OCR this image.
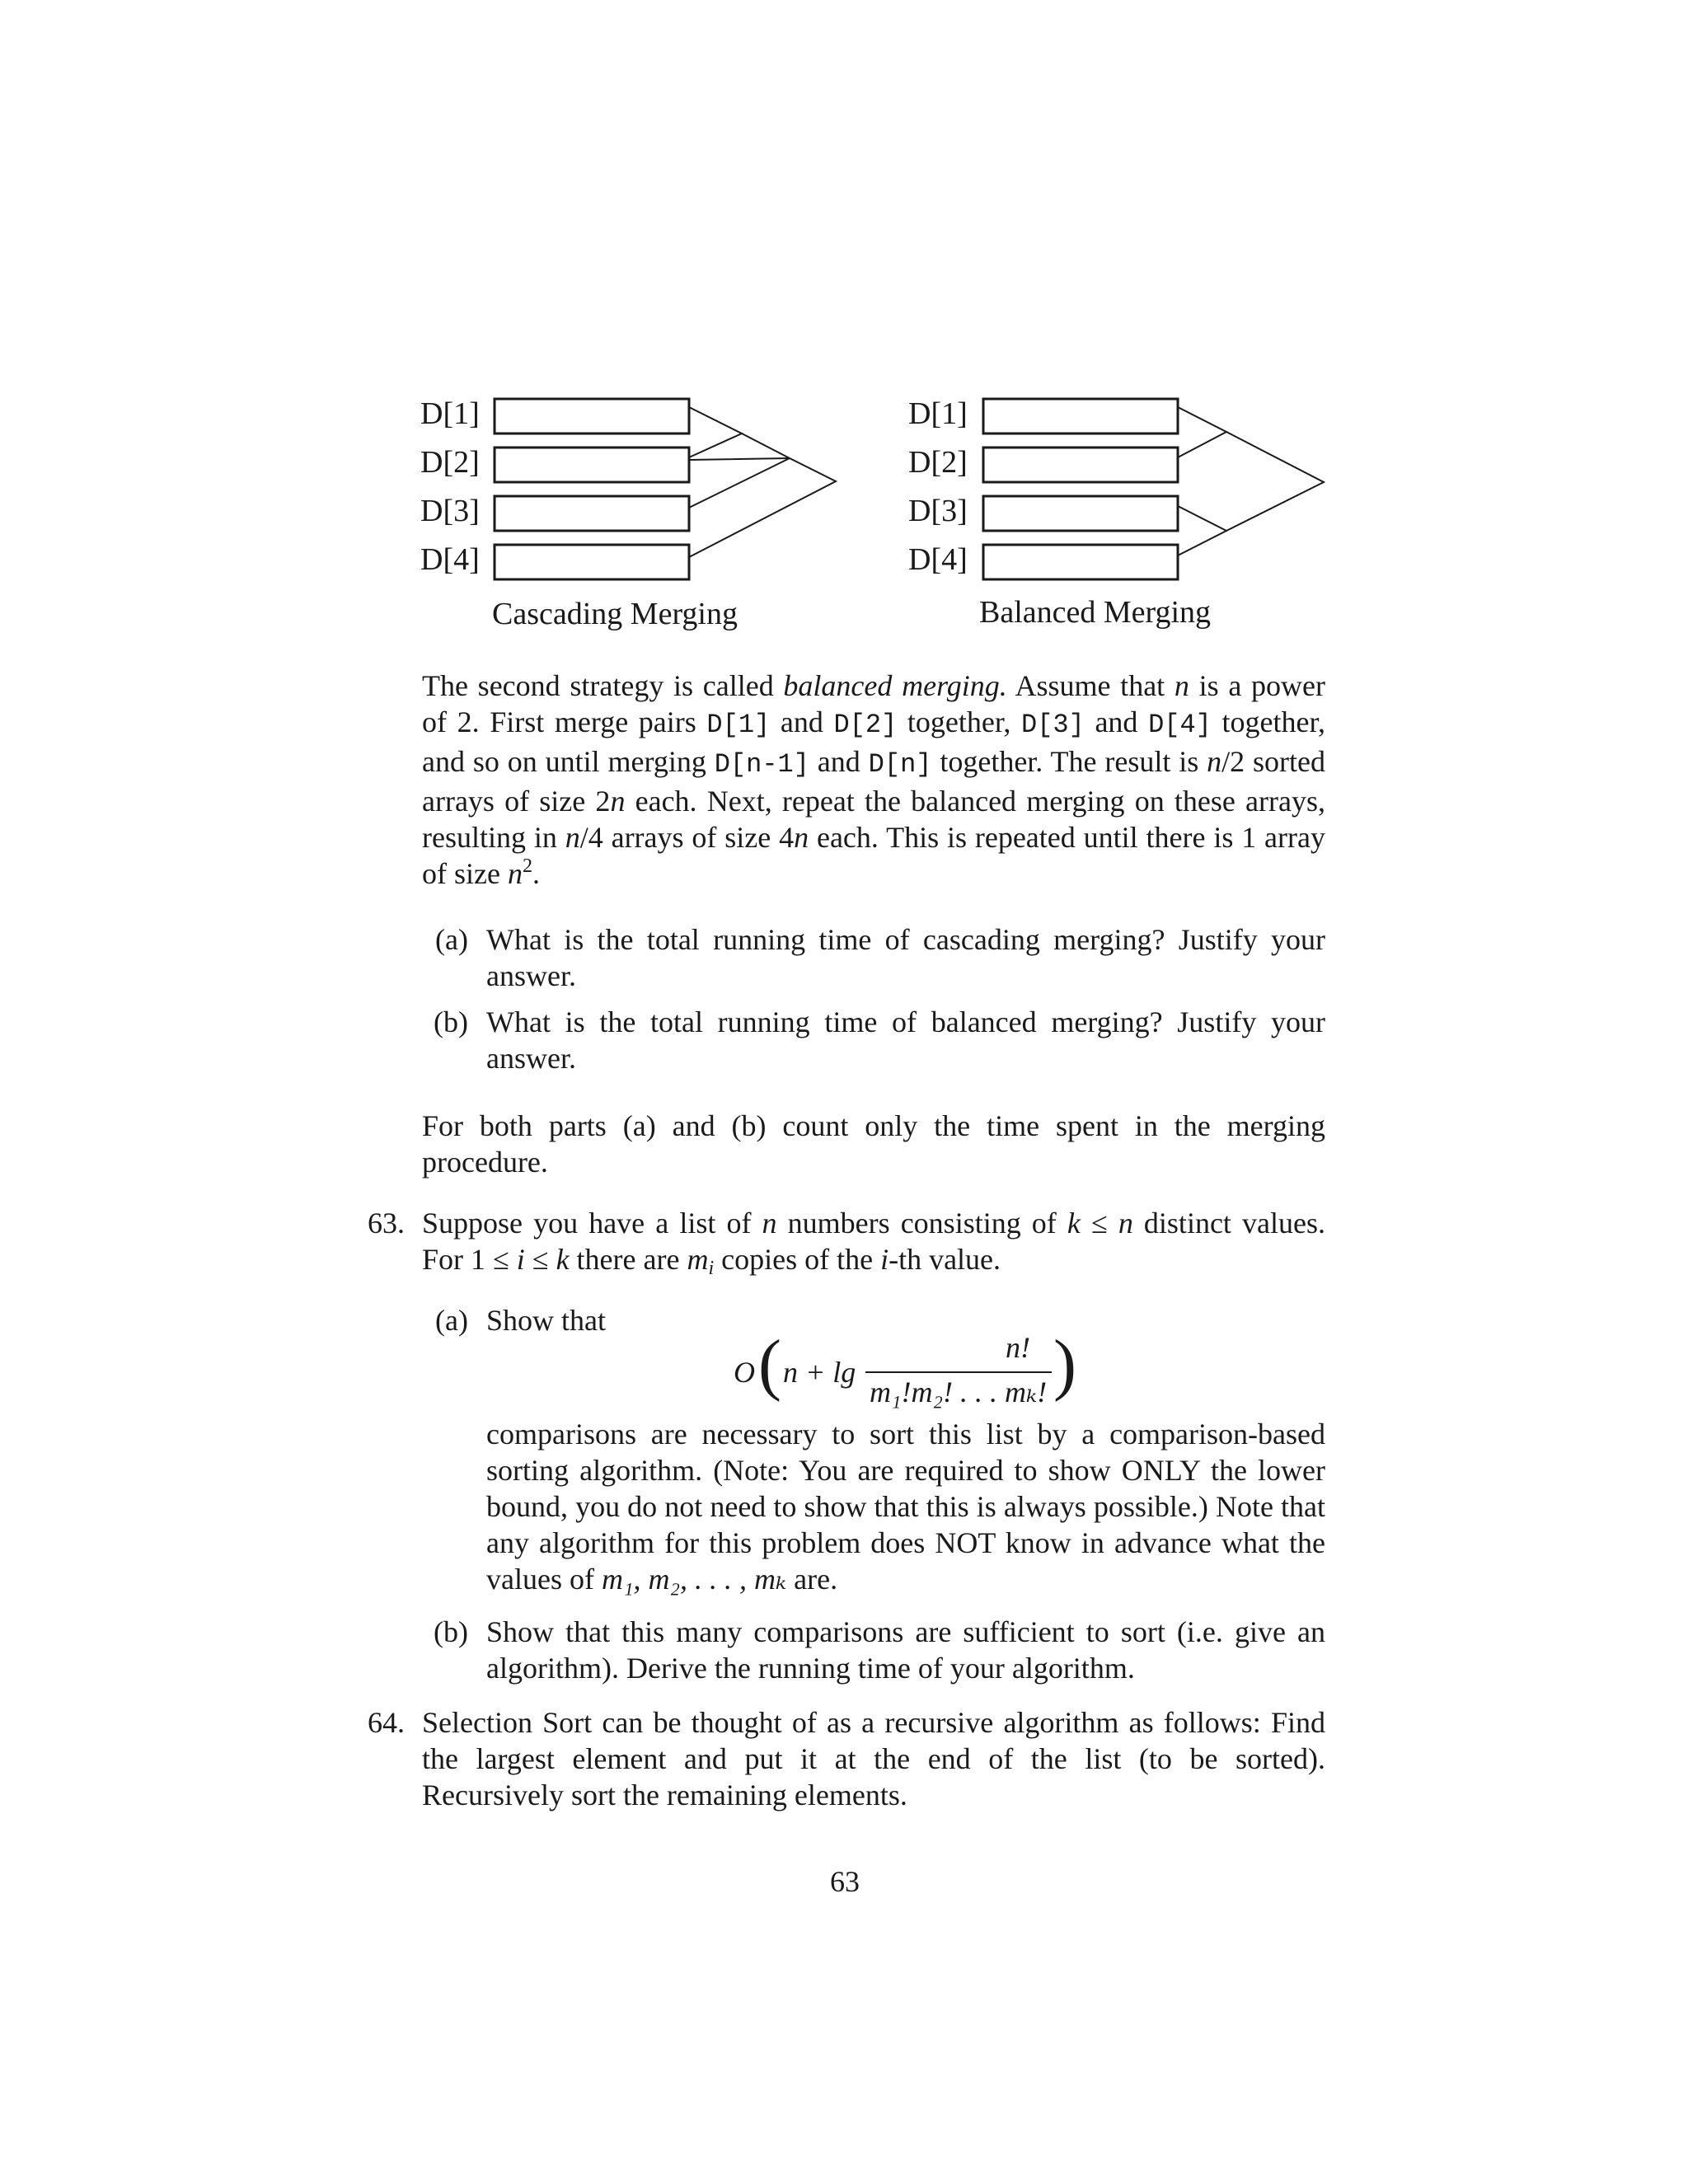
D[1]
D[2]
D[3]
D[4]
Cascading Merging
D[1]
D[2]
D[3]
D[4]
Balanced Merging
The second strategy is called balanced merging. Assume that n is a power of 2. First merge pairs D[1] and D[2] together, D[3] and D[4] together, and so on until merging D[n-1] and D[n] together. The result is n/2 sorted arrays of size 2n each. Next, repeat the balanced merging on these arrays, resulting in n/4 arrays of size 4n each. This is repeated until there is 1 array of size $n^2$.
(a) What is the total running time of cascading merging? Justify your answer.
(b) What is the total running time of balanced merging? Justify your answer.
For both parts (a) and (b) count only the time spent in the merging procedure.
63. Suppose you have a list of n numbers consisting of k ≤ n distinct values. For 1 ≤ i ≤ k there are $m_i$ copies of the i-th value.
(a) Show that
O ( n + lg
n!
m₁!m₂! . . . mₖ! )
comparisons are necessary to sort this list by a comparison-based sorting algorithm. (Note: You are required to show ONLY the lower bound, you do not need to show that this is always possible.) Note that any algorithm for this problem does NOT know in advance what the values of m₁, m₂, . . . , mₖ are.
(b) Show that this many comparisons are sufficient to sort (i.e. give an algorithm). Derive the running time of your algorithm.
64. Selection Sort can be thought of as a recursive algorithm as follows: Find the largest element and put it at the end of the list (to be sorted). Recursively sort the remaining elements.
63
